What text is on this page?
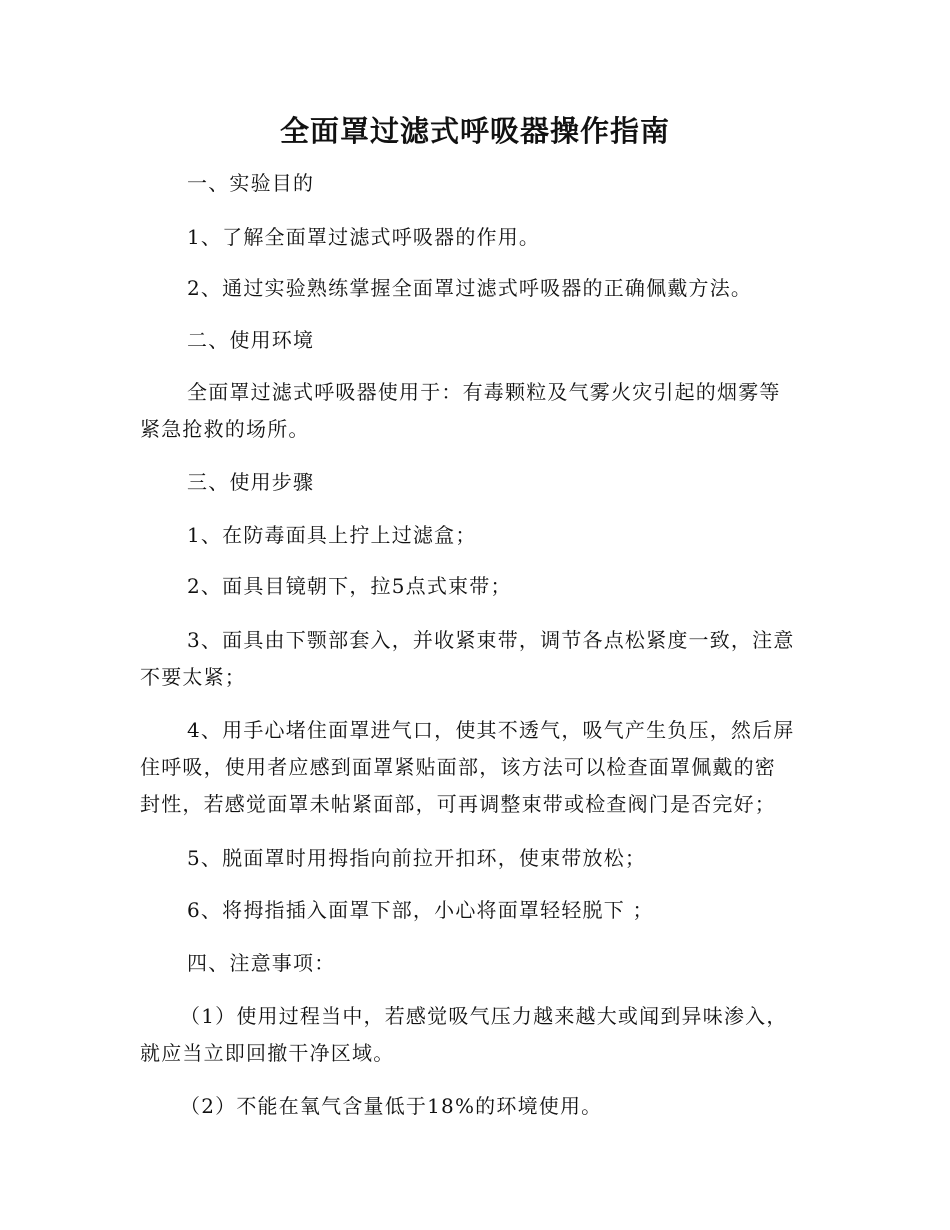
全面罩过滤式呼吸器操作指南
一、实验目的
1、了解全面罩过滤式呼吸器的作用。
2、通过实验熟练掌握全面罩过滤式呼吸器的正确佩戴方法。
二、使用环境
全面罩过滤式呼吸器使用于：有毒颗粒及气雾火灾引起的烟雾等
紧急抢救的场所。
三、使用步骤
1、在防毒面具上拧上过滤盒；
2、面具目镜朝下，拉5点式束带；
3、面具由下颚部套入，并收紧束带，调节各点松紧度一致，注意
不要太紧；
4、用手心堵住面罩进气口，使其不透气，吸气产生负压，然后屏
住呼吸，使用者应感到面罩紧贴面部，该方法可以检查面罩佩戴的密
封性，若感觉面罩未帖紧面部，可再调整束带或检查阀门是否完好；
5、脱面罩时用拇指向前拉开扣环，使束带放松；
6、将拇指插入面罩下部，小心将面罩轻轻脱下 ；
四、注意事项：
（1）使用过程当中，若感觉吸气压力越来越大或闻到异味渗入，
就应当立即回撤干净区域。
（2）不能在氧气含量低于18%的环境使用。
